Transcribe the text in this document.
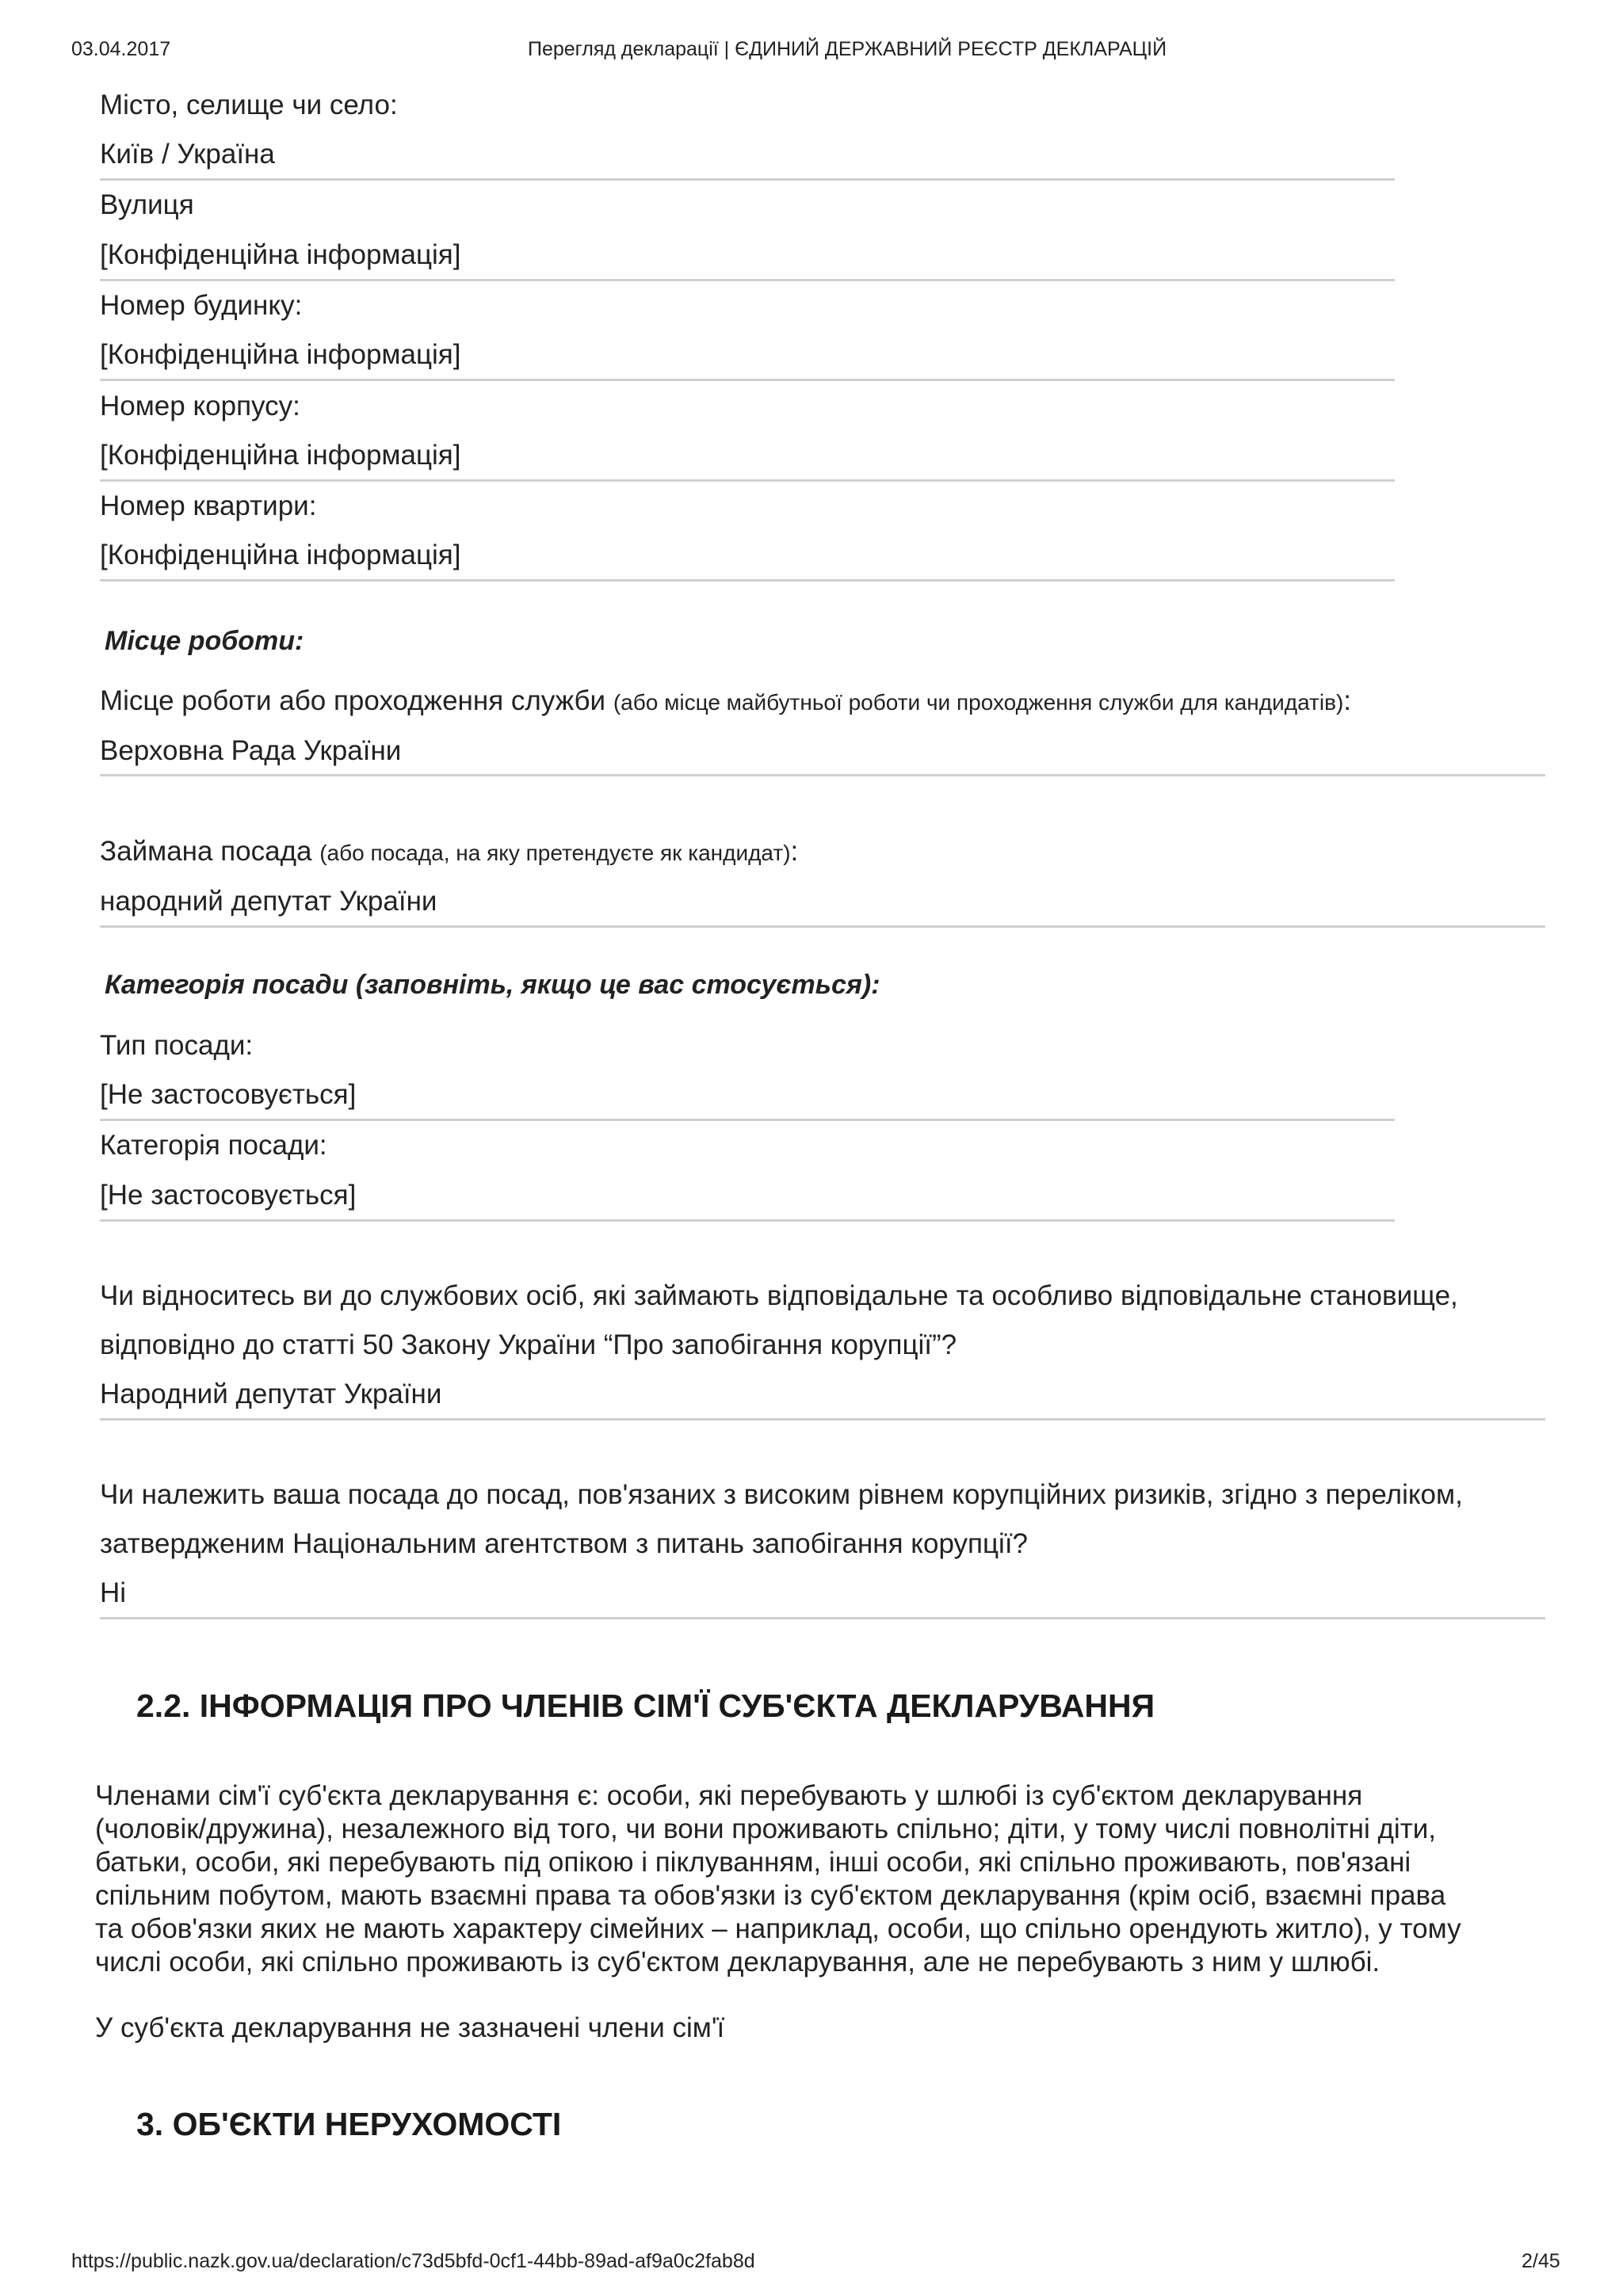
03.04.2017	Перегляд декларації | ЄДИНИЙ ДЕРЖАВНИЙ РЕЄСТР ДЕКЛАРАЦІЙ
Місто, селище чи село:
Київ / Україна
Вулиця
[Конфіденційна інформація]
Номер будинку:
[Конфіденційна інформація]
Номер корпусу:
[Конфіденційна інформація]
Номер квартири:
[Конфіденційна інформація]
Місце роботи:
Місце роботи або проходження служби (або місце майбутньої роботи чи проходження служби для кандидатів):
Верховна Рада України
Займана посада (або посада, на яку претендуєте як кандидат):
народний депутат України
Категорія посади (заповніть, якщо це вас стосується):
Тип посади:
[Не застосовується]
Категорія посади:
[Не застосовується]
Чи відноситесь ви до службових осіб, які займають відповідальне та особливо відповідальне становище,
відповідно до статті 50 Закону України “Про запобігання корупції”?
Народний депутат України
Чи належить ваша посада до посад, пов'язаних з високим рівнем корупційних ризиків, згідно з переліком,
затвердженим Національним агентством з питань запобігання корупції?
Ні
2.2. ІНФОРМАЦІЯ ПРО ЧЛЕНІВ СІМ'Ї СУБ'ЄКТА ДЕКЛАРУВАННЯ
Членами сім'ї суб'єкта декларування є: особи, які перебувають у шлюбі із суб'єктом декларування
(чоловік/дружина), незалежного від того, чи вони проживають спільно; діти, у тому числі повнолітні діти,
батьки, особи, які перебувають під опікою і піклуванням, інші особи, які спільно проживають, пов'язані
спільним побутом, мають взаємні права та обов'язки із суб'єктом декларування (крім осіб, взаємні права
та обов'язки яких не мають характеру сімейних – наприклад, особи, що спільно орендують житло), у тому
числі особи, які спільно проживають із суб'єктом декларування, але не перебувають з ним у шлюбі.
У суб'єкта декларування не зазначені члени сім'ї
3. ОБ'ЄКТИ НЕРУХОМОСТІ
https://public.nazk.gov.ua/declaration/c73d5bfd-0cf1-44bb-89ad-af9a0c2fab8d	2/45
